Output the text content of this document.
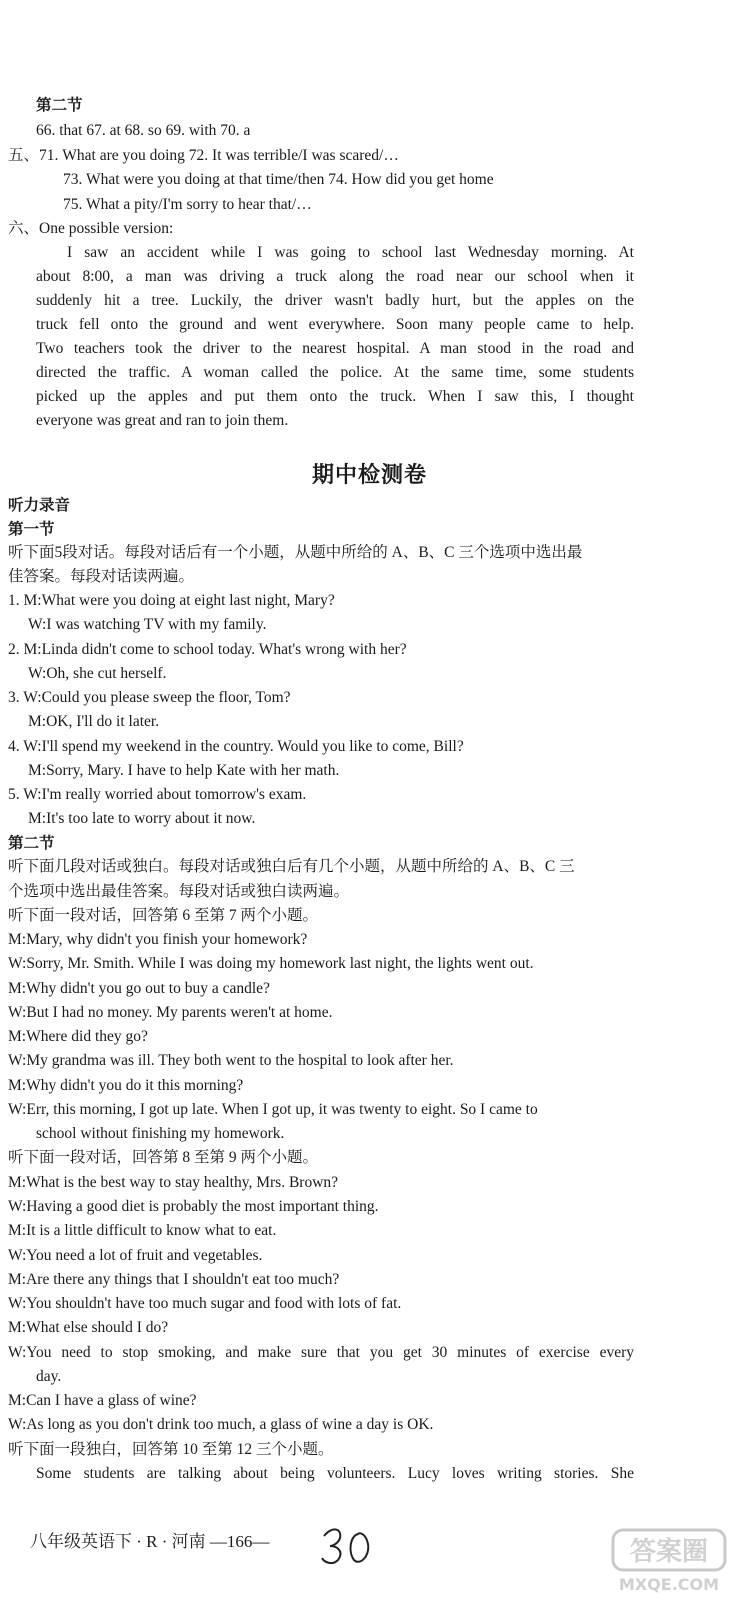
第二节
66. that 67. at 68. so 69. with 70. a
五、71. What are you doing 72. It was terrible/I was scared/…
73. What were you doing at that time/then 74. How did you get home
75. What a pity/I'm sorry to hear that/…
六、One possible version:
I saw an accident while I was going to school last Wednesday morning. At
about 8:00, a man was driving a truck along the road near our school when it
suddenly hit a tree. Luckily, the driver wasn't badly hurt, but the apples on the
truck fell onto the ground and went everywhere. Soon many people came to help.
Two teachers took the driver to the nearest hospital. A man stood in the road and
directed the traffic. A woman called the police. At the same time, some students
picked up the apples and put them onto the truck. When I saw this, I thought
everyone was great and ran to join them.
期中检测卷
听力录音
第一节
听下面5段对话。每段对话后有一个小题，从题中所给的 A、B、C 三个选项中选出最
佳答案。每段对话读两遍。
1. M:What were you doing at eight last night, Mary?
W:I was watching TV with my family.
2. M:Linda didn't come to school today. What's wrong with her?
W:Oh, she cut herself.
3. W:Could you please sweep the floor, Tom?
M:OK, I'll do it later.
4. W:I'll spend my weekend in the country. Would you like to come, Bill?
M:Sorry, Mary. I have to help Kate with her math.
5. W:I'm really worried about tomorrow's exam.
M:It's too late to worry about it now.
第二节
听下面几段对话或独白。每段对话或独白后有几个小题，从题中所给的 A、B、C 三
个选项中选出最佳答案。每段对话或独白读两遍。
听下面一段对话，回答第 6 至第 7 两个小题。
M:Mary, why didn't you finish your homework?
W:Sorry, Mr. Smith. While I was doing my homework last night, the lights went out.
M:Why didn't you go out to buy a candle?
W:But I had no money. My parents weren't at home.
M:Where did they go?
W:My grandma was ill. They both went to the hospital to look after her.
M:Why didn't you do it this morning?
W:Err, this morning, I got up late. When I got up, it was twenty to eight. So I came to
school without finishing my homework.
听下面一段对话，回答第 8 至第 9 两个小题。
M:What is the best way to stay healthy, Mrs. Brown?
W:Having a good diet is probably the most important thing.
M:It is a little difficult to know what to eat.
W:You need a lot of fruit and vegetables.
M:Are there any things that I shouldn't eat too much?
W:You shouldn't have too much sugar and food with lots of fat.
M:What else should I do?
W:You need to stop smoking, and make sure that you get 30 minutes of exercise every
day.
M:Can I have a glass of wine?
W:As long as you don't drink too much, a glass of wine a day is OK.
听下面一段独白，回答第 10 至第 12 三个小题。
Some students are talking about being volunteers. Lucy loves writing stories. She
八年级英语下 · R · 河南 —166—	答案圈
MXQE.COM
